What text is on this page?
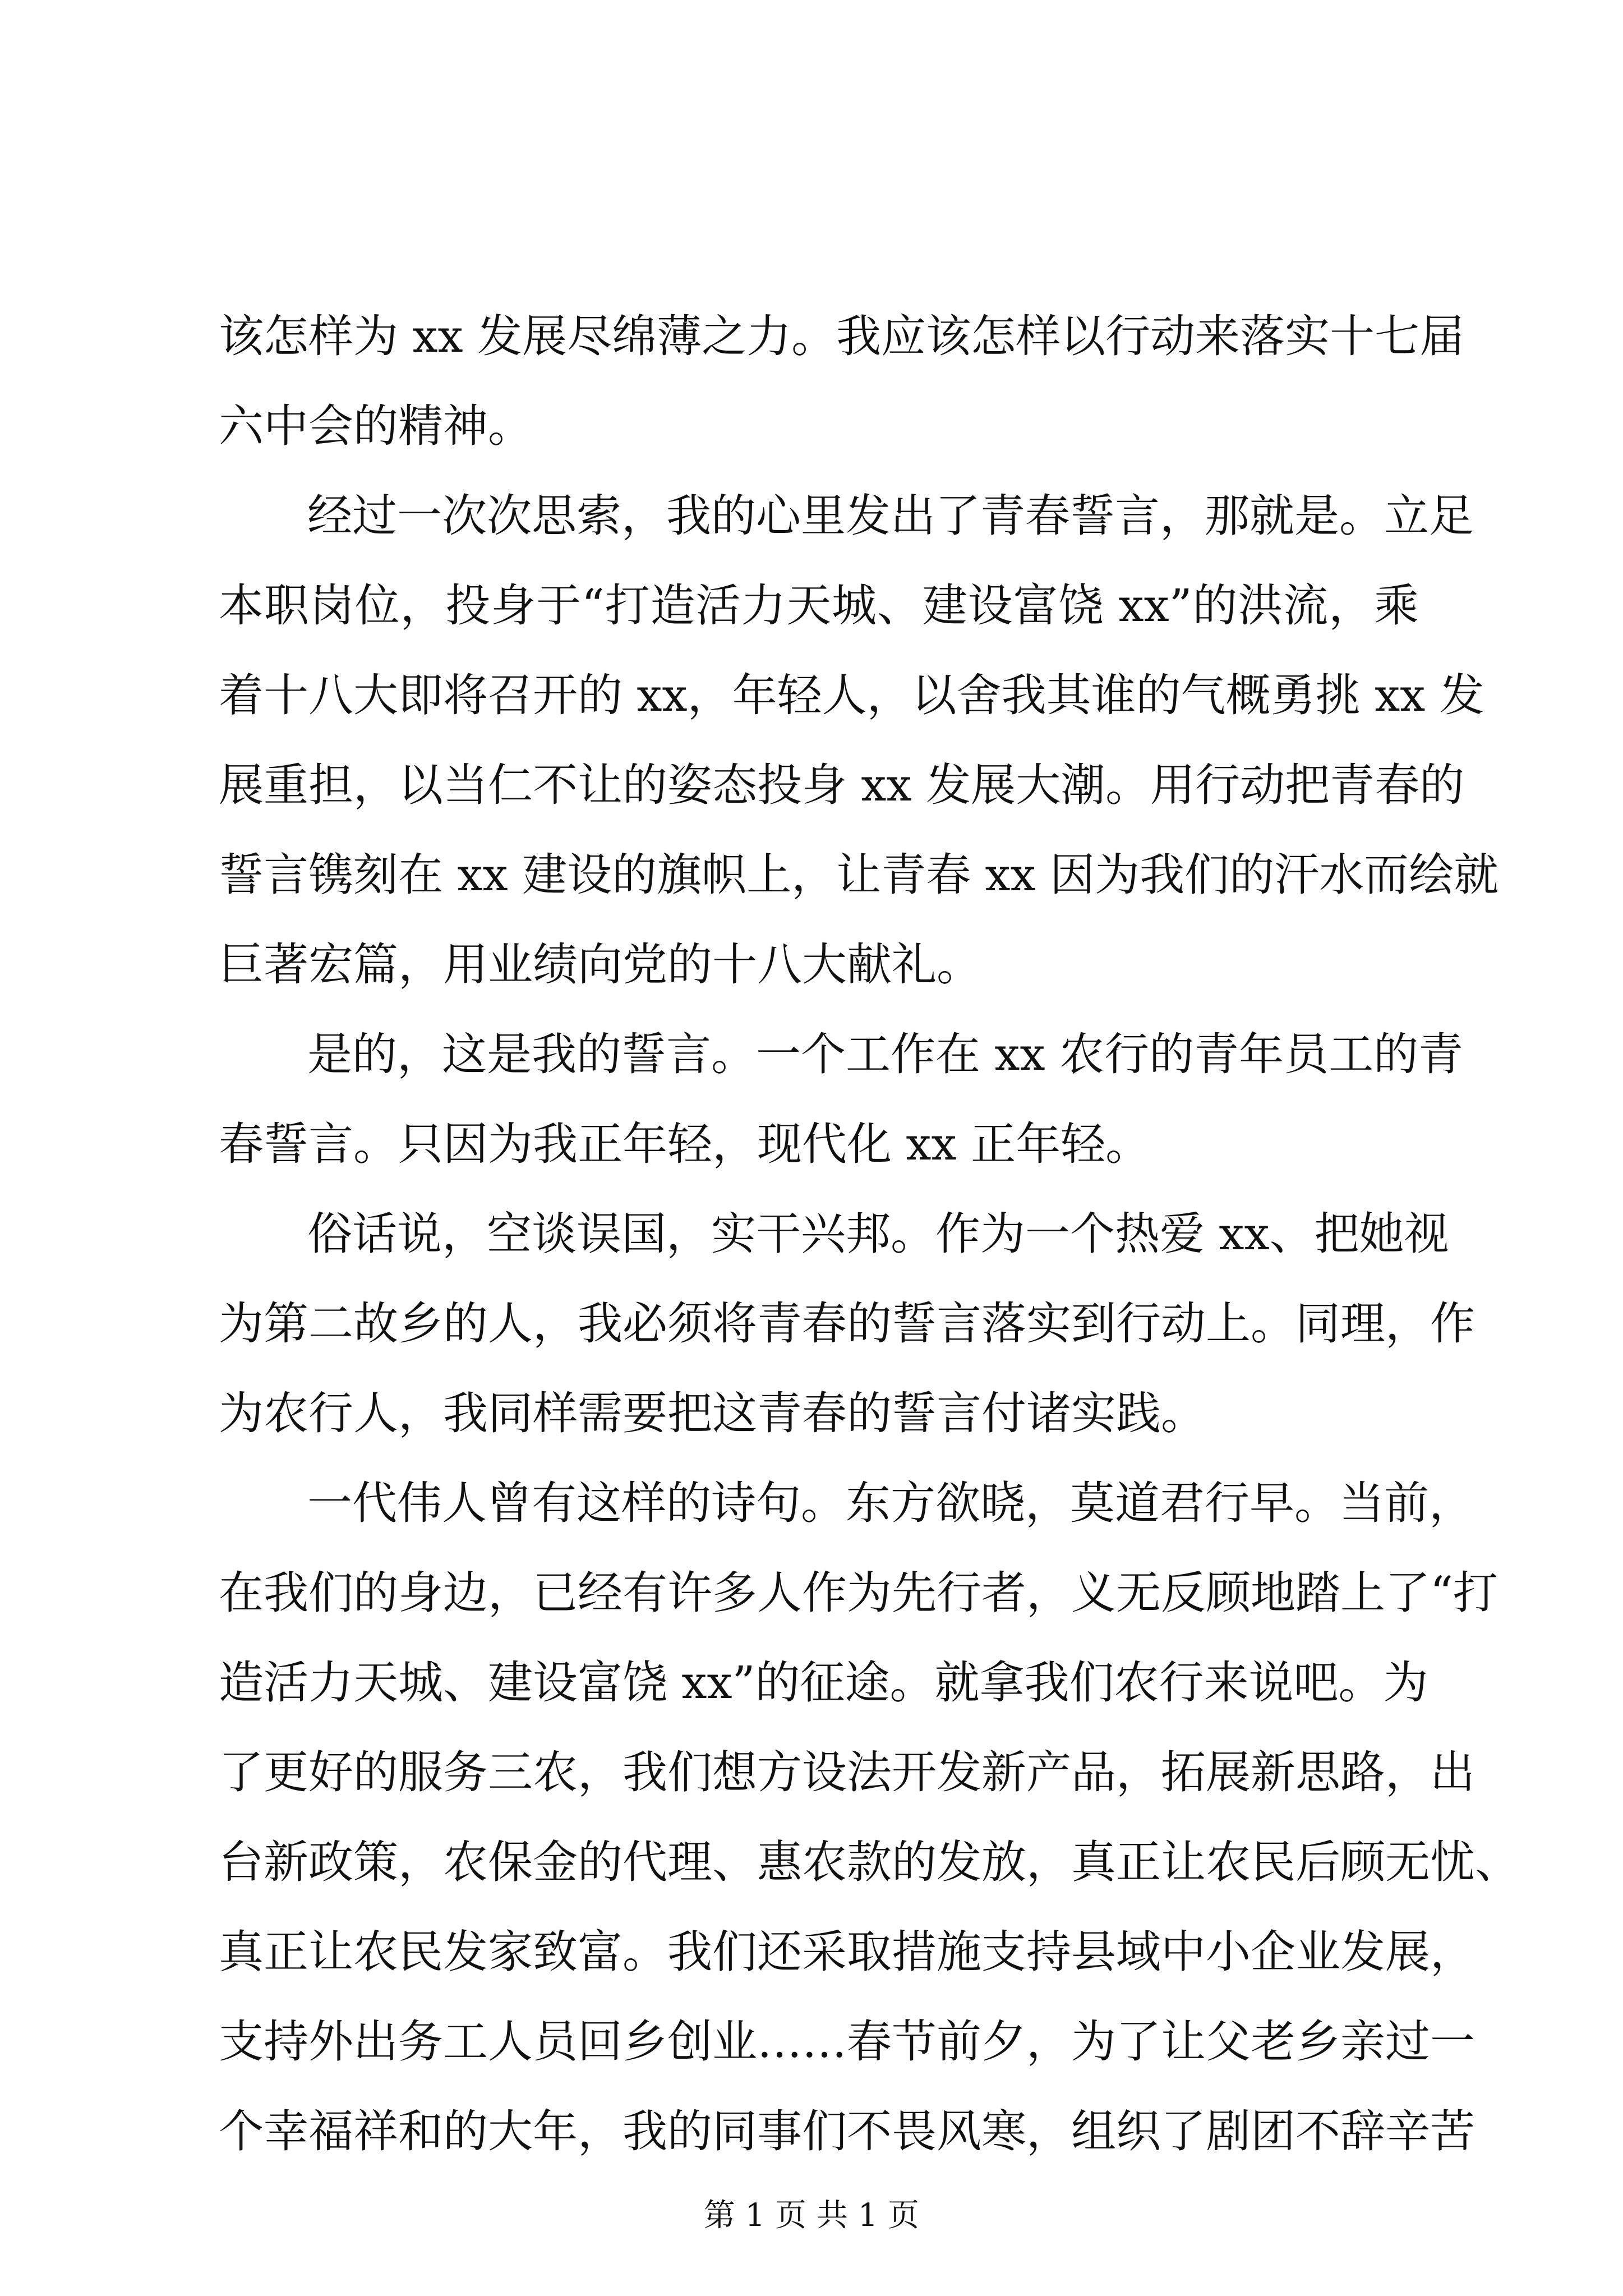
该怎样为 xx 发展尽绵薄之力。我应该怎样以行动来落实十七届
六中会的精神。
经过一次次思索，我的心里发出了青春誓言，那就是。立足
本职岗位，投身于“打造活力天城、建设富饶 xx”的洪流，乘
着十八大即将召开的 xx，年轻人，以舍我其谁的气概勇挑 xx 发
展重担，以当仁不让的姿态投身 xx 发展大潮。用行动把青春的
誓言镌刻在 xx 建设的旗帜上，让青春 xx 因为我们的汗水而绘就
巨著宏篇，用业绩向党的十八大献礼。
是的，这是我的誓言。一个工作在 xx 农行的青年员工的青
春誓言。只因为我正年轻，现代化 xx 正年轻。
俗话说，空谈误国，实干兴邦。作为一个热爱 xx、把她视
为第二故乡的人，我必须将青春的誓言落实到行动上。同理，作
为农行人，我同样需要把这青春的誓言付诸实践。
一代伟人曾有这样的诗句。东方欲晓，莫道君行早。当前，
在我们的身边，已经有许多人作为先行者，义无反顾地踏上了“打
造活力天城、建设富饶 xx”的征途。就拿我们农行来说吧。为
了更好的服务三农，我们想方设法开发新产品，拓展新思路，出
台新政策，农保金的代理、惠农款的发放，真正让农民后顾无忧、
真正让农民发家致富。我们还采取措施支持县域中小企业发展，
支持外出务工人员回乡创业……春节前夕，为了让父老乡亲过一
个幸福祥和的大年，我的同事们不畏风寒，组织了剧团不辞辛苦
第 1 页 共 1 页
